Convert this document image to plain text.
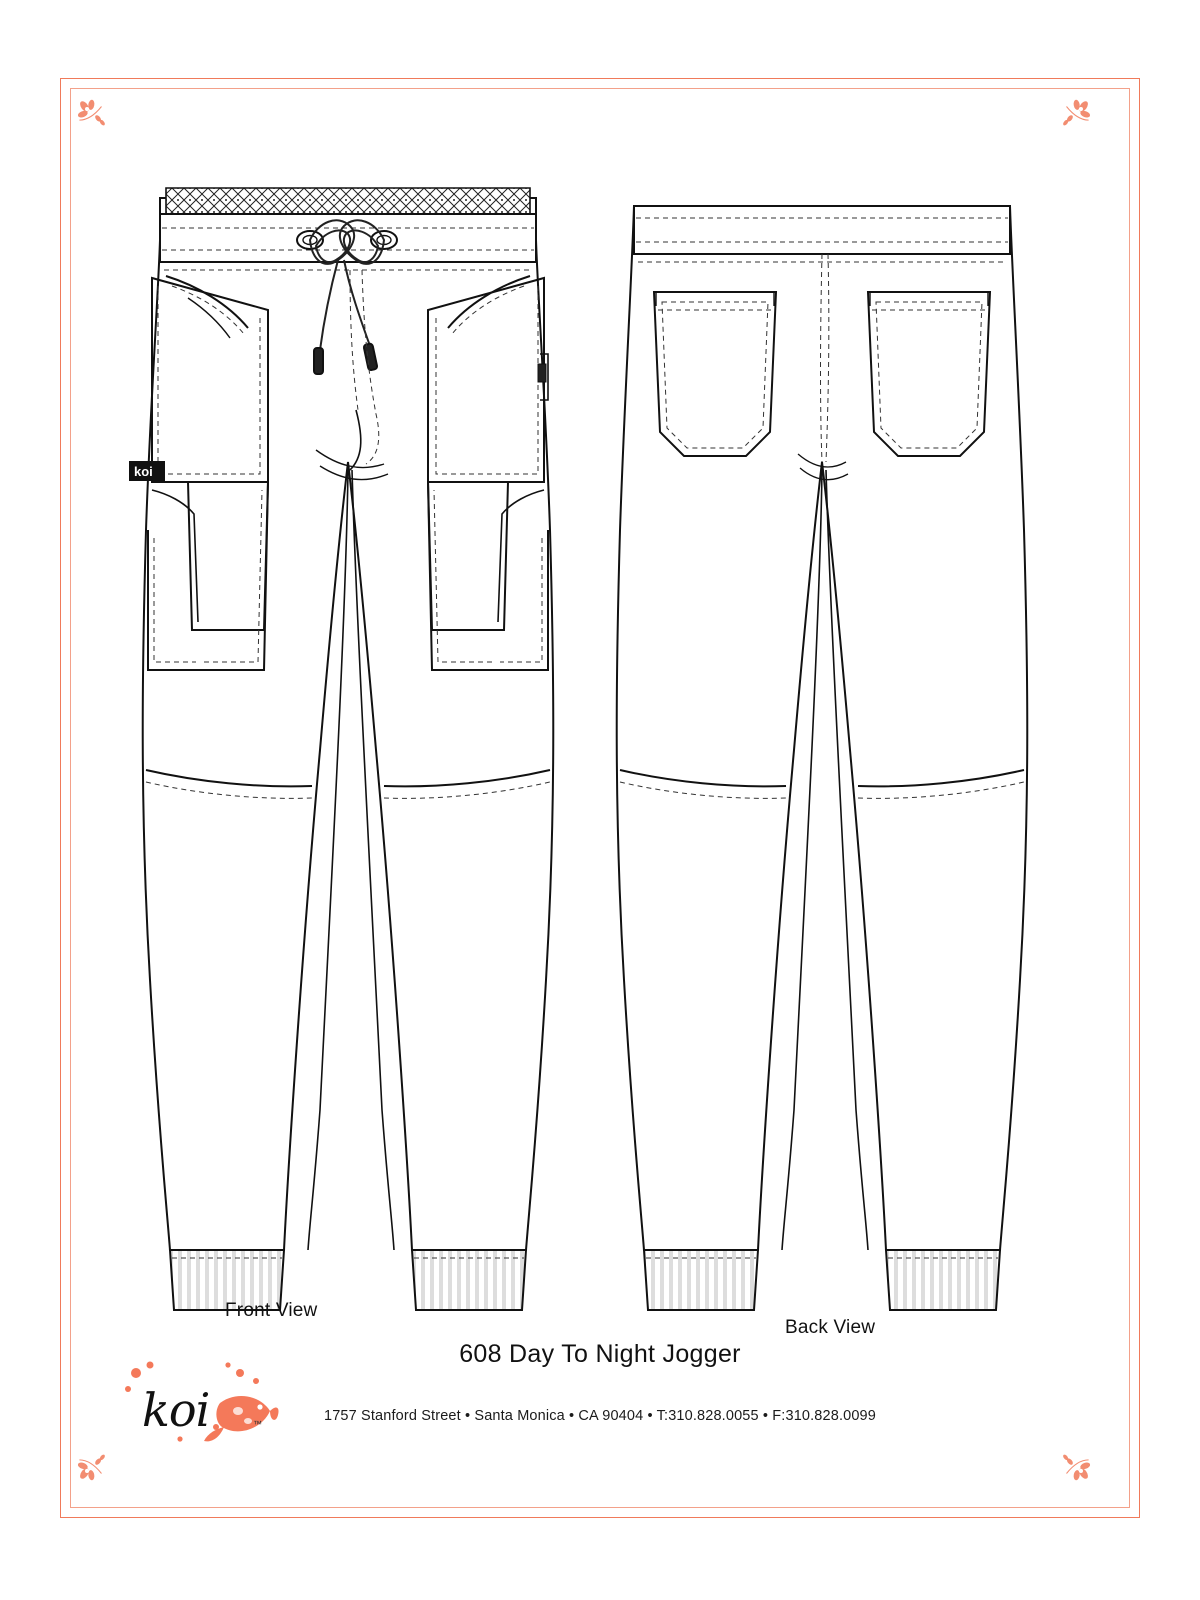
koi
Front View
Back View
608 Day To Night Jogger
1757 Stanford Street • Santa Monica • CA 90404 • T:310.828.0055 • F:310.828.0099
koi	™
